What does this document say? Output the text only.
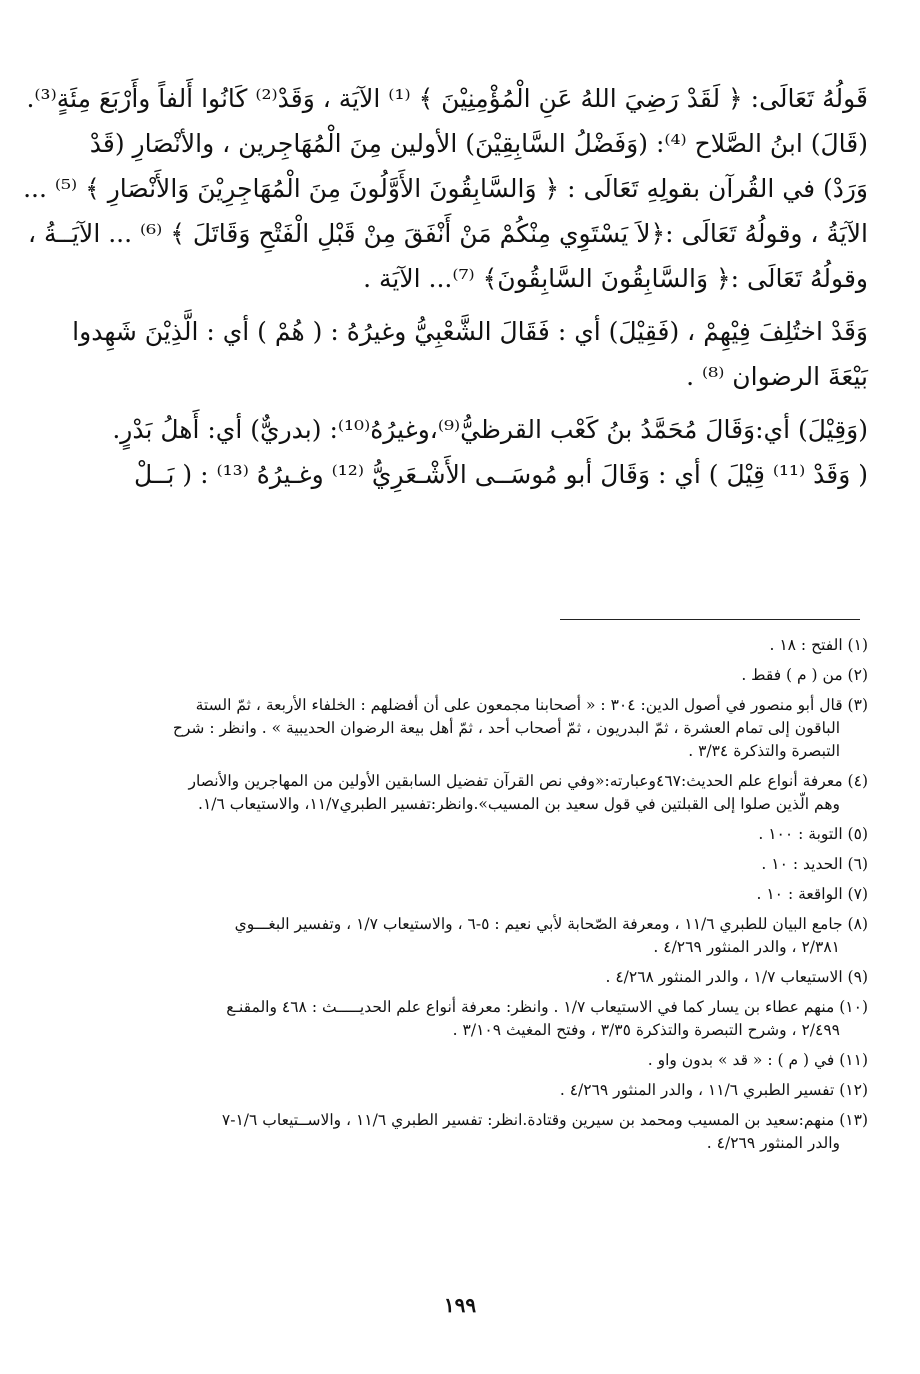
قَولُهُ تَعَالَى: ﴿ لَقَدْ رَضِيَ اللهُ عَنِ الْمُؤْمِنِيْنَ ﴾ ⁽¹⁾ الآيَة ، وَقَدْ⁽²⁾ كَانُوا أَلفاً وأَرْبَعَ مِئَةٍ⁽³⁾.
(قَالَ) ابنُ الصَّلاح ⁽⁴⁾: (وَفَضْلُ السَّابِقِيْنَ) الأولين مِنَ الْمُهَاجِرين ، والأنْصَارِ (قَدْ
وَرَدْ) في القُرآن بقولِهِ تَعَالَى : ﴿ وَالسَّابِقُونَ الأَوَّلُونَ مِنَ الْمُهَاجِرِيْنَ وَالأَنْصَارِ ﴾ ⁽⁵⁾ ...
الآيَةُ ، وقولُهُ تَعَالَى :﴿لاَ يَسْتَوِي مِنْكُمْ مَنْ أَنْفَقَ مِنْ قَبْلِ الْفَتْحِ وَقَاتَلَ ﴾ ⁽⁶⁾ ... الآيَــةُ ،
وقولُهُ تَعَالَى :﴿ وَالسَّابِقُونَ السَّابِقُونَ﴾ ⁽⁷⁾... الآيَة .
وَقَدْ اختُلِفَ فِيْهِمْ ، (فَقِيْلَ) أي : فَقَالَ الشَّعْبِيُّ وغيرُهُ : ( هُمْ ) أي : الَّذِيْنَ شَهِدوا
بَيْعَةَ الرضوان ⁽⁸⁾ .
(وَقِيْلَ) أي:وَقَالَ مُحَمَّدُ بنُ كَعْب القرظيُّ⁽⁹⁾،وغيرُهُ⁽¹⁰⁾: (بدريٌّ) أي: أَهلُ بَدْرٍ.
( وَقَدْ ⁽¹¹⁾ قِيْلَ ) أي : وَقَالَ أبو مُوسَــى الأَشْـعَرِيُّ ⁽¹²⁾ وغـيرُهُ ⁽¹³⁾ : ( بَــلْ
(١) الفتح : ١٨ .
(٢) من ( م ) فقط .
(٣) قال أبو منصور في أصول الدين: ٣٠٤ : « أصحابنا مجمعون على أن أفضلهم : الخلفاء الأربعة ، ثمّ الستة
الباقون إلى تمام العشرة ، ثمّ البدريون ، ثمّ أصحاب أحد ، ثمّ أهل بيعة الرضوان الحديبية » . وانظر : شرح
التبصرة والتذكرة ٣/٣٤ .
(٤) معرفة أنواع علم الحديث:٤٦٧وعبارته:«وفي نص القرآن تفضيل السابقين الأولين من المهاجرين والأنصار
وهم الّذين صلوا إلى القبلتين في قول سعيد بن المسيب».وانظر:تفسير الطبري١١/٧، والاستيعاب ١/٦.
(٥) التوبة : ١٠٠ .
(٦) الحديد : ١٠ .
(٧) الواقعة : ١٠ .
(٨) جامع البيان للطبري ١١/٦ ، ومعرفة الصّحابة لأبي نعيم : ٥-٦ ، والاستيعاب ١/٧ ، وتفسير البغـــوي
٢/٣٨١ ، والدر المنثور ٤/٢٦٩ .
(٩) الاستيعاب ١/٧ ، والدر المنثور ٤/٢٦٨ .
(١٠) منهم عطاء بن يسار كما في الاستيعاب ١/٧ . وانظر: معرفة أنواع علم الحديـــــث : ٤٦٨ والمقنـع
٢/٤٩٩ ، وشرح التبصرة والتذكرة ٣/٣٥ ، وفتح المغيث ٣/١٠٩ .
(١١) في ( م ) : « قد » بدون واو .
(١٢) تفسير الطبري ١١/٦ ، والدر المنثور ٤/٢٦٩ .
(١٣) منهم:سعيد بن المسيب ومحمد بن سيرين وقتادة.انظر: تفسير الطبري ١١/٦ ، والاســتيعاب ١/٦-٧
والدر المنثور ٤/٢٦٩ .
١٩٩
